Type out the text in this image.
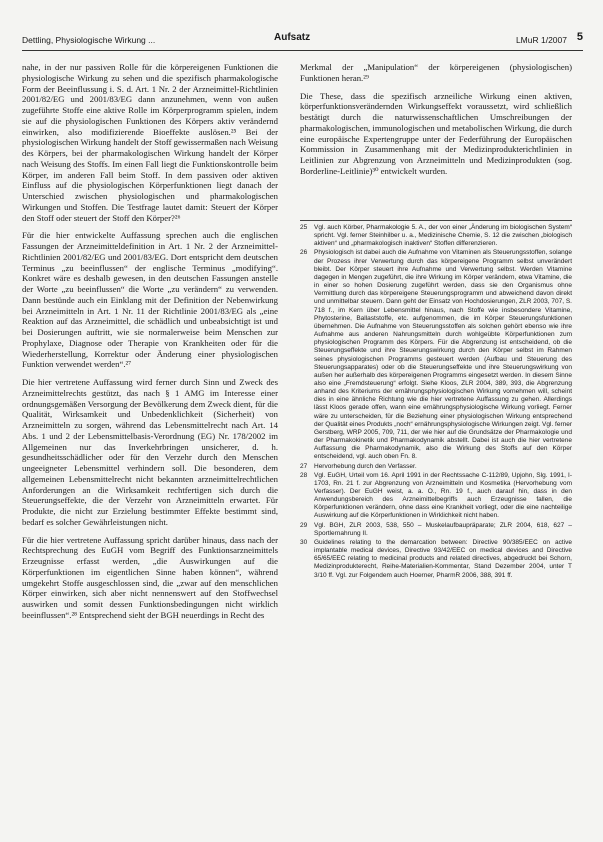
Dettling, Physiologische Wirkung ...	Aufsatz	LMuR 1/2007 5

nahe, in der nur passiven Rolle für die körpereigenen Funktionen die physiologische Wirkung zu sehen und die spezifisch pharmakologische Form der Beeinflussung i. S. d. Art. 1 Nr. 2 der Arzneimittel-Richtlinien 2001/82/EG und 2001/83/EG dann anzunehmen, wenn von außen zugeführte Stoffe eine aktive Rolle im Körperprogramm spielen, indem sie auf die physiologischen Funktionen des Körpers aktiv verändernd einwirken, also modifizierende Bioeffekte auslösen.²⁵ Bei der physiologischen Wirkung handelt der Stoff gewissermaßen nach Weisung des Körpers, bei der pharmakologischen Wirkung handelt der Körper nach Weisung des Stoffs. Im einen Fall liegt die Funktionskontrolle beim Körper, im anderen Fall beim Stoff. In dem passiven oder aktiven Einfluss auf die physiologischen Körperfunktionen liegt danach der Unterschied zwischen physiologischen und pharmakologischen Wirkungen und Stoffen. Die Testfrage lautet damit: Steuert der Körper den Stoff oder steuert der Stoff den Körper?²⁶

Für die hier entwickelte Auffassung sprechen auch die englischen Fassungen der Arzneimitteldefinition in Art. 1 Nr. 2 der Arzneimittel-Richtlinien 2001/82/EG und 2001/83/EG. Dort entspricht dem deutschen Terminus „zu beeinflussen“ der englische Terminus „modifying“. Konkret wäre es deshalb gewesen, in den deutschen Fassungen anstelle der Worte „zu beeinflussen“ die Worte „zu verändern“ zu verwenden. Dann bestünde auch ein Einklang mit der Definition der Nebenwirkung bei Arzneimitteln in Art. 1 Nr. 11 der Richtlinie 2001/83/EG als „eine Reaktion auf das Arzneimittel, die schädlich und unbeabsichtigt ist und bei Dosierungen auftritt, wie sie normalerweise beim Menschen zur Prophylaxe, Diagnose oder Therapie von Krankheiten oder für die Wiederherstellung, Korrektur oder Änderung einer physiologischen Funktion verwendet werden“.²⁷

Die hier vertretene Auffassung wird ferner durch Sinn und Zweck des Arzneimittelrechts gestützt, das nach § 1 AMG im Interesse einer ordnungsgemäßen Versorgung der Bevölkerung dem Zweck dient, für die Qualität, Wirksamkeit und Unbedenklichkeit (Sicherheit) von Arzneimitteln zu sorgen, während das Lebensmittelrecht nach Art. 14 Abs. 1 und 2 der Lebensmittelbasis-Verordnung (EG) Nr. 178/2002 im Allgemeinen nur das Inverkehrbringen unsicherer, d. h. gesundheitsschädlicher oder für den Verzehr durch den Menschen ungeeigneter Lebensmittel verhindern soll. Die besonderen, dem allgemeinen Lebensmittelrecht nicht bekannten arzneimittelrechtlichen Anforderungen an die Wirksamkeit rechtfertigen sich durch die Steuerungseffekte, die der Verzehr von Arzneimitteln erwartet. Für Produkte, die nicht zur Erzielung bestimmter Effekte bestimmt sind, bedarf es solcher Gewährleistungen nicht.

Für die hier vertretene Auffassung spricht darüber hinaus, dass nach der Rechtsprechung des EuGH vom Begriff des Funktionsarzneimittels Erzeugnisse erfasst werden, „die Auswirkungen auf die Körperfunktionen im eigentlichen Sinne haben können“, während umgekehrt Stoffe ausgeschlossen sind, die „zwar auf den menschlichen Körper einwirken, sich aber nicht nennenswert auf den Stoffwechsel auswirken und somit dessen Funktionsbedingungen nicht wirklich beeinflussen“.²⁸ Entsprechend sieht der BGH neuerdings in Recht des

Merkmal der „Manipulation“ der körpereigenen (physiologischen) Funktionen heran.²⁹

Die These, dass die spezifisch arzneiliche Wirkung einen aktiven, körperfunktionsverändernden Wirkungseffekt voraussetzt, wird schließlich bestätigt durch die naturwissenschaftlichen Umschreibungen der pharmakologischen, immunologischen und metabolischen Wirkung, die durch eine europäische Expertengruppe unter der Federführung der Europäischen Kommission in Zusammenhang mit der Medizinprodukterichtlinien in Leitlinien zur Abgrenzung von Arzneimitteln und Medizinprodukten (sog. Borderline-Leitlinie)³⁰ entwickelt wurden.

25	Vgl. auch Körber, Pharmakologie 5. A., der von einer „Änderung im biologischen System“ spricht. Vgl. ferner Steinhilber u. a., Medizinische Chemie, S. 12 die zwischen „biologisch aktiven“ und „pharmakologisch inaktiven“ Stoffen differenzieren.
26	Physiologisch ist dabei auch die Aufnahme von Vitaminen als Steuerungsstoffen, solange der Prozess ihrer Verwertung durch das körpereigene Programm selbst unverändert bleibt. Der Körper steuert ihre Aufnahme und Verwertung selbst. Werden Vitamine dagegen in Mengen zugeführt, die ihre Wirkung im Körper verändern, etwa Vitamine, die in einer so hohen Dosierung zugeführt werden, dass sie den Organismus ohne Vermittlung durch das körpereigene Steuerungsprogramm und abweichend davon direkt und unmittelbar steuern. Dann geht der Einsatz von Hochdosierungen, ZLR 2003, 707, S. 718 f., im Kern über Lebensmittel hinaus, nach Stoffe wie insbesondere Vitamine, Phytosterine, Ballaststoffe, etc. aufgenommen, die im Körper Steuerungsfunktionen übernehmen. Die Aufnahme von Steuerungsstoffen als solchen gehört ebenso wie ihre Aufnahme aus anderen Nahrungsmitteln durch wohlgeübte Körperfunktionen zum physiologischen Programm des Körpers. Für die Abgrenzung ist entscheidend, ob die Steuerungseffekte und ihre Steuerungswirkung durch den Körper selbst im Rahmen seines physiologischen Programms gesteuert werden (Aufbau und Steuerung des Steuerungsapparates) oder ob die Steuerungseffekte und ihre Steuerungswirkung von außen her außerhalb des körpereigenen Programms eingesetzt werden. In diesem Sinne also eine „Fremdsteuerung“ erfolgt. Siehe Kloos, ZLR 2004, 389, 393, die Abgrenzung anhand des Kriteriums der ernährungsphysiologischen Wirkung vornehmen will, scheint dies in eine ähnliche Richtung wie die hier vertretene Auffassung zu gehen. Allerdings lässt Kloos gerade offen, wann eine ernährungsphysiologische Wirkung vorliegt. Ferner wäre zu unterscheiden, für die Beziehung einer physiologischen Wirkung entsprechend der Qualität eines Produkts „noch“ ernährungsphysiologische Wirkungen zeigt. Vgl. ferner Gerstberg, WRP 2005, 709, 711, der wie hier auf die Grundsätze der Pharmakologie und der Pharmakokinetik und Pharmakodynamik abstellt. Dabei ist auch die hier vertretene Auffassung die Pharmakodynamik, also die Wirkung des Stoffs auf den Körper entscheidend, vgl. auch oben Fn. 8.
27	Hervorhebung durch den Verfasser.
28	Vgl. EuGH, Urteil vom 16. April 1991 in der Rechtssache C-112/89, Upjohn, Slg. 1991, I-1703, Rn. 21 f. zur Abgrenzung von Arzneimitteln und Kosmetika (Hervorhebung vom Verfasser). Der EuGH weist, a. a. O., Rn. 19 f., auch darauf hin, dass in den Anwendungsbereich des Arzneimittelbegriffs auch Erzeugnisse fallen, die Körperfunktionen verändern, ohne dass eine Krankheit vorliegt, oder die eine nachteilige Auswirkung auf die Körperfunktionen in Wirklichkeit nicht haben.
29	Vgl. BGH, ZLR 2003, 538, 550 – Muskelaufbaupräparate; ZLR 2004, 618, 627 – Sportlernahrung II.
30	Guidelines relating to the demarcation between: Directive 90/385/EEC on active implantable medical devices, Directive 93/42/EEC on medical devices and Directive 65/65/EEC relating to medicinal products and related directives, abgedruckt bei Schorn, Medizinprodukterecht, Reihe-Materialien-Kommentar, Stand Dezember 2004, unter T 3/10 ff. Vgl. zur Folgendem auch Hoerner, PharmR 2006, 388, 391 ff.
